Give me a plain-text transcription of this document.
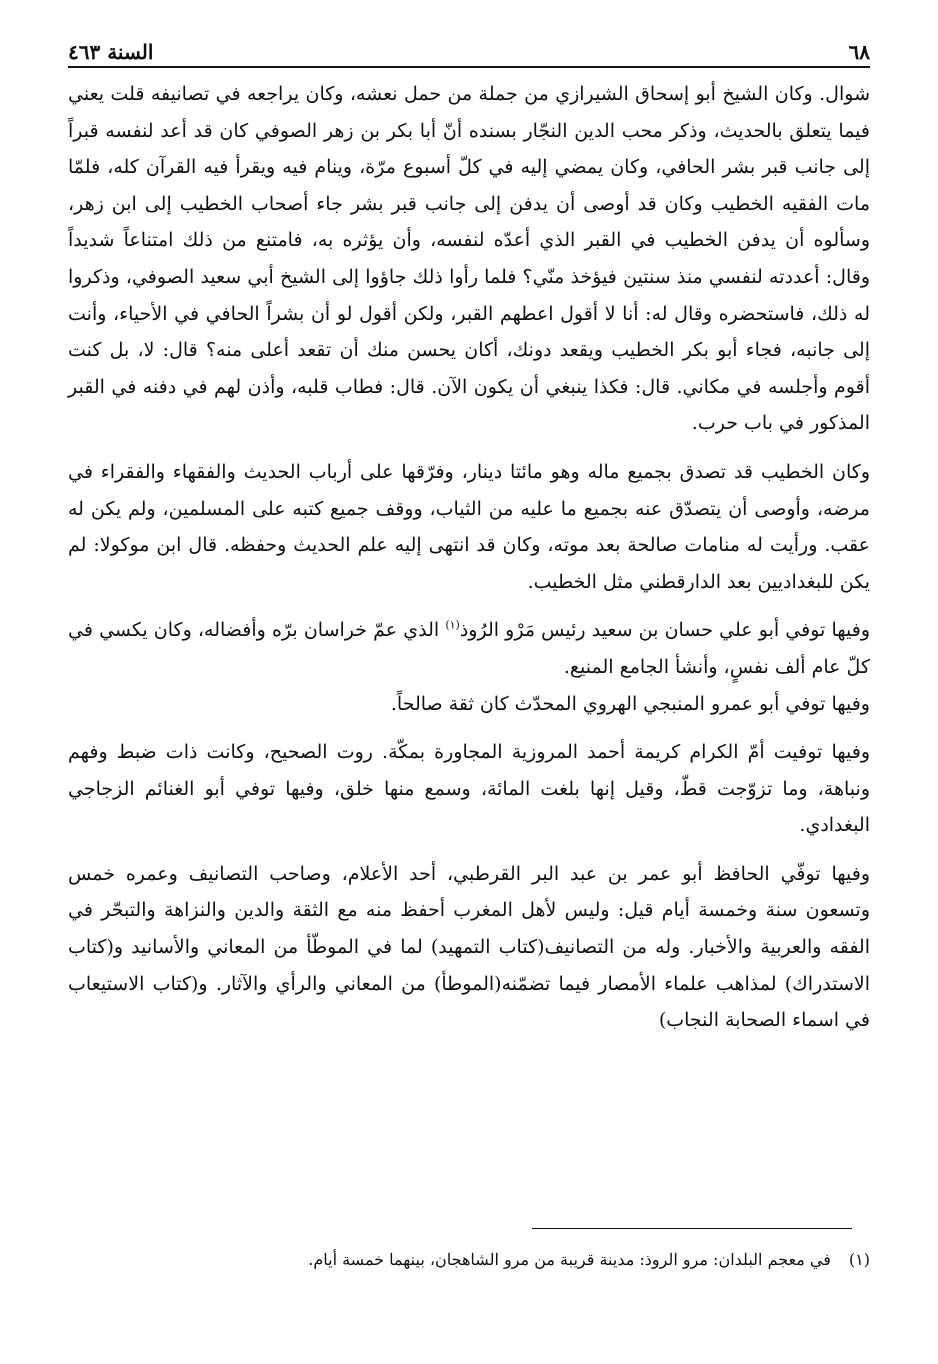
٦٨
السنة ٤٦٣

شوال. وكان الشيخ أبو إسحاق الشيرازي من جملة من حمل نعشه، وكان يراجعه في تصانيفه قلت يعني فيما يتعلق بالحديث، وذكر محب الدين النجّار بسنده أنّ أبا بكر بن زهر الصوفي كان قد أعد لنفسه قبراً إلى جانب قبر بشر الحافي، وكان يمضي إليه في كلّ أسبوع مرّة، وينام فيه ويقرأ فيه القرآن كله، فلمّا مات الفقيه الخطيب وكان قد أوصى أن يدفن إلى جانب قبر بشر جاء أصحاب الخطيب إلى ابن زهر، وسألوه أن يدفن الخطيب في القبر الذي أعدّه لنفسه، وأن يؤثره به، فامتنع من ذلك امتناعاً شديداً وقال: أعددته لنفسي منذ سنتين فيؤخذ منّي؟ فلما رأوا ذلك جاؤوا إلى الشيخ أبي سعيد الصوفي، وذكروا له ذلك، فاستحضره وقال له: أنا لا أقول اعطهم القبر، ولكن أقول لو أن بشراً الحافي في الأحياء، وأنت إلى جانبه، فجاء أبو بكر الخطيب ويقعد دونك، أكان يحسن منك أن تقعد أعلى منه؟ قال: لا، بل كنت أقوم وأجلسه في مكاني. قال: فكذا ينبغي أن يكون الآن. قال: فطاب قلبه، وأذن لهم في دفنه في القبر المذكور في باب حرب.

وكان الخطيب قد تصدق بجميع ماله وهو مائتا دينار، وفرّقها على أرباب الحديث والفقهاء والفقراء في مرضه، وأوصى أن يتصدّق عنه بجميع ما عليه من الثياب، ووقف جميع كتبه على المسلمين، ولم يكن له عقب. ورأيت له منامات صالحة بعد موته، وكان قد انتهى إليه علم الحديث وحفظه. قال ابن موكولا: لم يكن للبغداديين بعد الدارقطني مثل الخطيب.

وفيها توفي أبو علي حسان بن سعيد رئيس مَرْو الرُوذ$^{(١)}$ الذي عمّ خراسان برّه وأفضاله، وكان يكسي في كلّ عام ألف نفسٍ، وأنشأ الجامع المنيع.

وفيها توفي أبو عمرو المنبجي الهروي المحدّث كان ثقة صالحاً.

وفيها توفيت أمّ الكرام كريمة أحمد المروزية المجاورة بمكّة. روت الصحيح، وكانت ذات ضبط وفهم ونباهة، وما تزوّجت قطّ، وقيل إنها بلغت المائة، وسمع منها خلق، وفيها توفي أبو الغنائم الزجاجي البغدادي.

وفيها توفّي الحافظ أبو عمر بن عبد البر القرطبي، أحد الأعلام، وصاحب التصانيف وعمره خمس وتسعون سنة وخمسة أيام قيل: وليس لأهل المغرب أحفظ منه مع الثقة والدين والنزاهة والتبحّر في الفقه والعربية والأخبار. وله من التصانيف(كتاب التمهيد) لما في الموطّأ من المعاني والأسانيد و(كتاب الاستدراك) لمذاهب علماء الأمصار فيما تضمّنه(الموطأ) من المعاني والرأي والآثار. و(كتاب الاستيعاب في اسماء الصحابة النجاب)

(١)
في معجم البلدان: مرو الروذ: مدينة قريبة من مرو الشاهجان، بينهما خمسة أيام.
